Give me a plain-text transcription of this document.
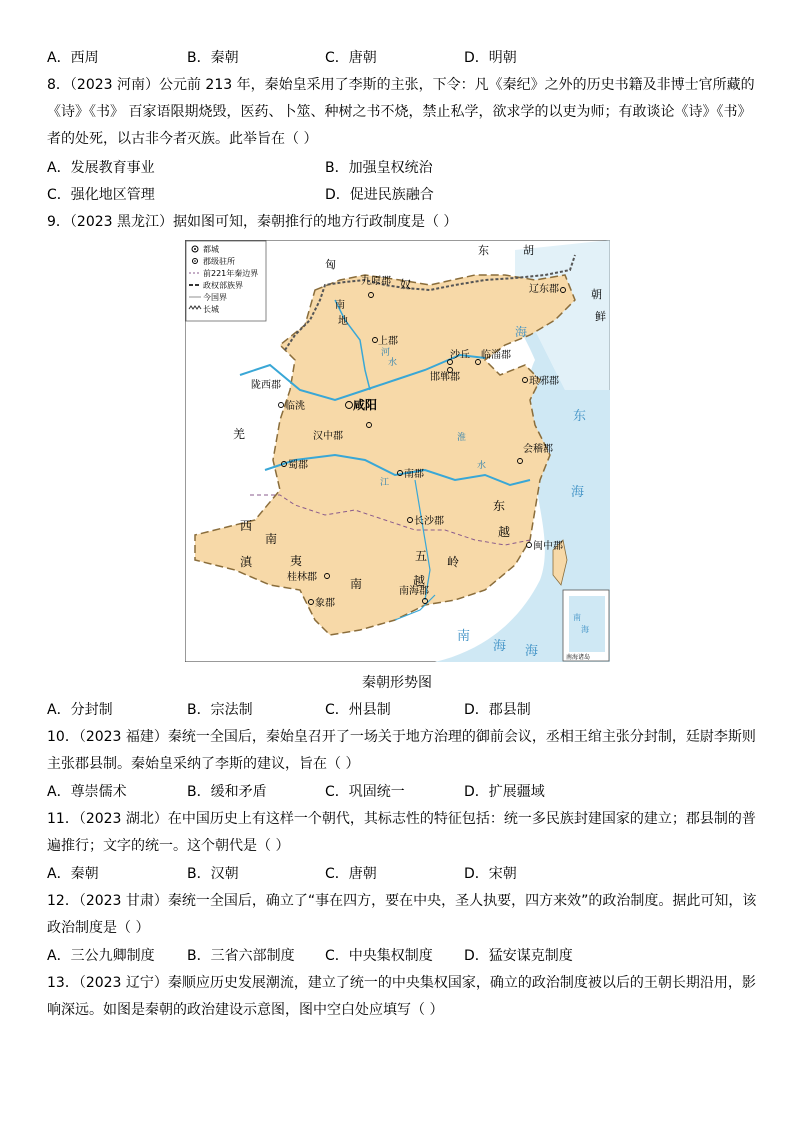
A．西周	B．秦朝	C．唐朝	D．明朝
8．（2023 河南）公元前 213 年，秦始皇采用了李斯的主张，下令：凡《秦纪》之外的历史书籍及非博士官所藏的
《诗》《书》 百家语限期烧毁，医药、卜筮、种树之书不烧，禁止私学，欲求学的以吏为师；有敢谈论《诗》《书》
者的处死，以古非今者灭族。此举旨在（ ）
A．发展教育事业	B．加强皇权统治
C．强化地区管理	D．促进民族融合
9．（2023 黑龙江）据如图可知，秦朝推行的地方行政制度是（ ）
都城
郡级驻所
前221年秦边界
政权部族界
今国界
长城
匈
奴
东	胡
朝
鲜
九原郡
辽东郡
南
地
上郡
沙丘 临淄郡
邯郸郡	琅邪郡
陇西郡
临洮	咸阳
汉中郡
会稽郡
羌
蜀郡
南郡
长沙郡
西
南
夷
滇
桂林郡
象郡
南
五 岭
越
南海郡
东
越
闽中郡
河
水
江
水
淮
东
海
海
海
南
海
南
海
南海诸岛
秦朝形势图
A．分封制	B．宗法制	C．州县制	D．郡县制
10．（2023 福建）秦统一全国后，秦始皇召开了一场关于地方治理的御前会议，丞相王绾主张分封制，廷尉李斯则
主张郡县制。秦始皇采纳了李斯的建议，旨在（ ）
A．尊崇儒术	B．缓和矛盾	C．巩固统一	D．扩展疆域
11．（2023 湖北）在中国历史上有这样一个朝代，其标志性的特征包括：统一多民族封建国家的建立；郡县制的普
遍推行；文字的统一。这个朝代是（ ）
A．秦朝	B．汉朝	C．唐朝	D．宋朝
12．（2023 甘肃）秦统一全国后，确立了“事在四方，要在中央，圣人执要，四方来效”的政治制度。据此可知，该
政治制度是（ ）
A．三公九卿制度 B．三省六部制度 C．中央集权制度 D．猛安谋克制度
13．（2023 辽宁）秦顺应历史发展潮流，建立了统一的中央集权国家，确立的政治制度被以后的王朝长期沿用，影
响深远。如图是秦朝的政治建设示意图，图中空白处应填写（ ）
